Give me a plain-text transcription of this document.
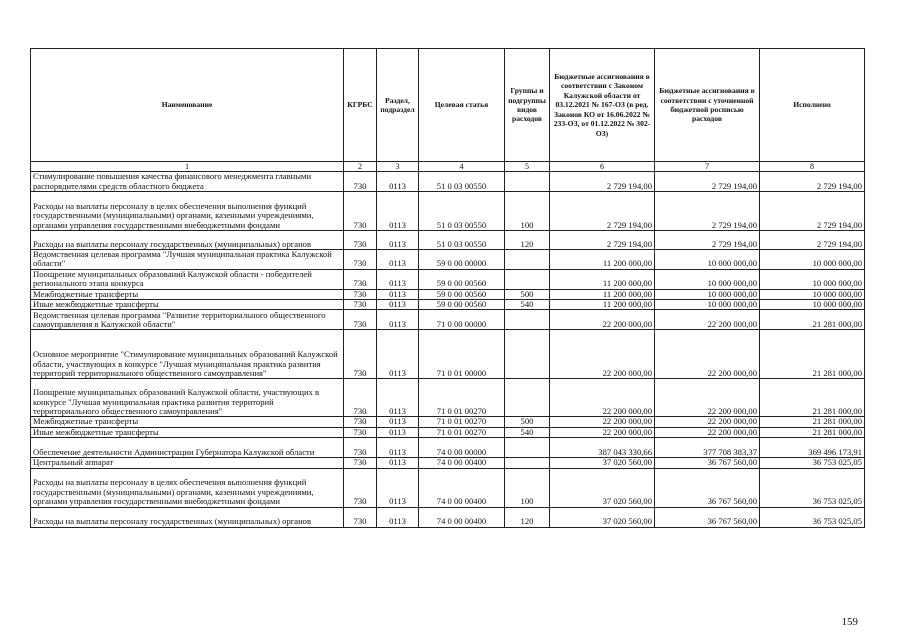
Наименование	КГРБС	Раздел, подраздел	Целевая статья	Группы и подгруппы видов расходов	Бюджетные ассигнования в соответствии с Законом Калужской области от 03.12.2021 № 167-ОЗ (в ред. Законов КО от 16.06.2022 № 233-ОЗ, от 01.12.2022 № 302-ОЗ)	Бюджетные ассигнования в соответствии с уточненной бюджетной росписью расходов	Исполнено
1	2	3	4	5	6	7	8
Стимулирование повышения качества финансового менеджмента главными распорядителями средств областного бюджета	730	0113	51 0 03 00550		2 729 194,00	2 729 194,00	2 729 194,00
Расходы на выплаты персоналу в целях обеспечения выполнения функций государственными (муниципальными) органами, казенными учреждениями, органами управления государственными внебюджетными фондами	730	0113	51 0 03 00550	100	2 729 194,00	2 729 194,00	2 729 194,00
Расходы на выплаты персоналу государственных (муниципальных) органов	730	0113	51 0 03 00550	120	2 729 194,00	2 729 194,00	2 729 194,00
Ведомственная целевая программа "Лучшая муниципальная практика Калужской области"	730	0113	59 0 00 00000		11 200 000,00	10 000 000,00	10 000 000,00
Поощрение муниципальных образований Калужской области - победителей регионального этапа конкурса	730	0113	59 0 00 00560		11 200 000,00	10 000 000,00	10 000 000,00
Межбюджетные трансферты	730	0113	59 0 00 00560	500	11 200 000,00	10 000 000,00	10 000 000,00
Иные межбюджетные трансферты	730	0113	59 0 00 00560	540	11 200 000,00	10 000 000,00	10 000 000,00
Ведомственная целевая программа "Развитие территориального общественного самоуправления в Калужской области"	730	0113	71 0 00 00000		22 200 000,00	22 200 000,00	21 281 000,00
Основное мероприятие "Стимулирование муниципальных образований Калужской области, участвующих в конкурсе "Лучшая муниципальная практика развития территорий территориального общественного самоуправления"	730	0113	71 0 01 00000		22 200 000,00	22 200 000,00	21 281 000,00
Поощрение муниципальных образований Калужской области, участвующих в конкурсе "Лучшая муниципальная практика развития территорий территориального общественного самоуправления"	730	0113	71 0 01 00270		22 200 000,00	22 200 000,00	21 281 000,00
Межбюджетные трансферты	730	0113	71 0 01 00270	500	22 200 000,00	22 200 000,00	21 281 000,00
Иные межбюджетные трансферты	730	0113	71 0 01 00270	540	22 200 000,00	22 200 000,00	21 281 000,00
Обеспечение деятельности Администрации Губернатора Калужской области	730	0113	74 0 00 00000		387 043 330,66	377 708 383,37	369 496 173,91
Центральный аппарат	730	0113	74 0 00 00400		37 020 560,00	36 767 560,00	36 753 025,05
Расходы на выплаты персоналу в целях обеспечения выполнения функций государственными (муниципальными) органами, казенными учреждениями, органами управления государственными внебюджетными фондами	730	0113	74 0 00 00400	100	37 020 560,00	36 767 560,00	36 753 025,05
Расходы на выплаты персоналу государственных (муниципальных) органов	730	0113	74 0 00 00400	120	37 020 560,00	36 767 560,00	36 753 025,05
159
